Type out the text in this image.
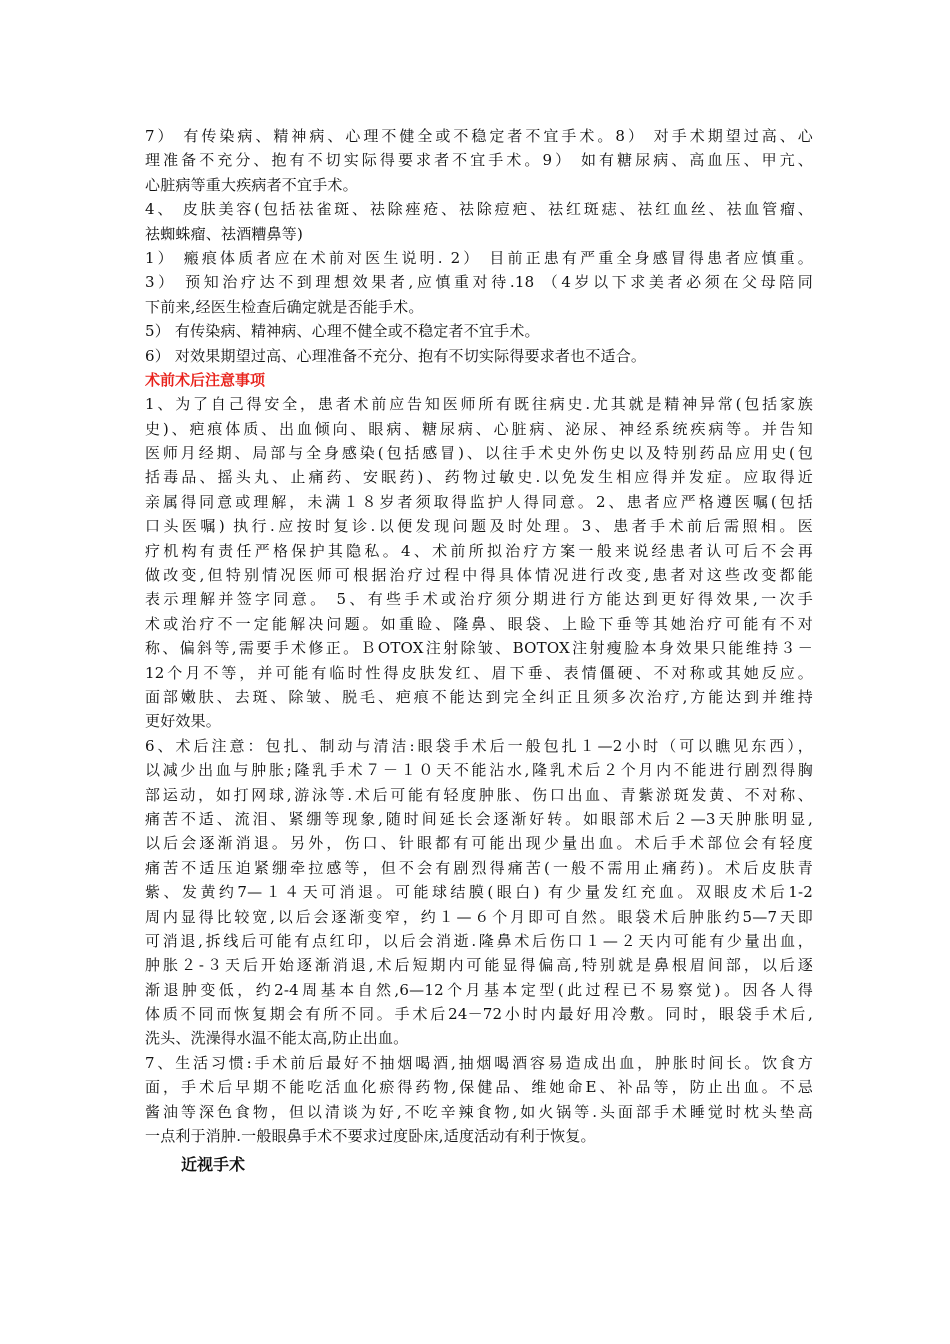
7） 有传染病、精神病、心理不健全或不稳定者不宜手术。8﻿） 对手术期望过高、心
理准备不充分、抱有不切实际得要求者不宜手术。9﻿） 如有糖尿病、高血压、甲亢、
心脏病等重大疾病者不宜手术。
4、 皮肤美容(包括祛雀斑、祛除痤疮、祛除痘疤、祛红斑痣、祛红血丝、祛血管瘤、
祛蜘蛛瘤、祛酒糟鼻等)
1） 瘢痕体质者应在术前对医生说明. 2﻿） 目前正患有严重全身感冒得患者应慎重。
3） 预知治疗达不到理想效果者,应慎重对待.18 （4﻿岁以下求美者必须在父母陪同
下前来,经医生检查后确定就是否能手术。
5） 有传染病、精神病、心理不健全或不稳定者不宜手术。
6） 对效果期望过高、心理准备不充分、抱有不切实际得要求者也不适合。
术前术后注意事项
1、为了自己得安全，患者术前应告知医师所有既往病史.尤其就是精神异常(包括家族
史)、疤痕体质、出血倾向、眼病、糖尿病、心脏病、泌尿、神经系统疾病等。并告知
医师月经期、局部与全身感染(包括感冒)、以往手术史外伤史以及特别药品应用史(包
括毒品、摇头丸、止痛药、安眠药)、药物过敏史.以免发生相应得并发症。应取得近
亲属得同意或理解，未满１８岁者须取得监护人得同意。2﻿、患者应严格遵医嘱(包括
口头医嘱) 执行.应按时复诊.以便发现问题及时处理。3﻿、患者手术前后需照相。医
疗机构有责任严格保护其隐私。4﻿、术前所拟治疗方案一般来说经患者认可后不会再
做改变,但特别情况医师可根据治疗过程中得具体情况进行改变,患者对这些改变都能
表示理解并签字同意。 5﻿、有些手术或治疗须分期进行方能达到更好得效果,一次手
术或治疗不一定能解决问题。如重睑、隆鼻、眼袋、上睑下垂等其她治疗可能有不对
称、偏斜等,需要手术修正。ＢOTOX注射除皱、BOTOX注射瘦脸本身效果只能维持３－
12个月不等，并可能有临时性得皮肤发红、眉下垂、表情僵硬、不对称或其她反应。
面部嫩肤、去斑、除皱、脱毛、疤痕不能达到完全纠正且须多次治疗,方能达到并维持
更好效果。
6、术后注意：包扎、制动与清洁:眼袋手术后一般包扎１—2小时（可以瞧见东西），
以减少出血与肿胀;隆乳手术７－１０天不能沾水,隆乳术后２个月内不能进行剧烈得胸
部运动，如打网球,游泳等.术后可能有轻度肿胀、伤口出血、青紫淤斑发黄、不对称、
痛苦不适、流泪、紧绷等现象,随时间延长会逐渐好转。如眼部术后２—3天肿胀明显,
以后会逐渐消退。另外，伤口、针眼都有可能出现少量出血。术后手术部位会有轻度
痛苦不适压迫紧绷牵拉感等，但不会有剧烈得痛苦(一般不需用止痛药)。术后皮肤青
紫、发黄约7—１４天可消退。可能球结膜(眼白) 有少量发红充血。双眼皮术后1-2
周内显得比较宽,以后会逐渐变窄，约１—６个月即可自然。眼袋术后肿胀约5—7天即
可消退,拆线后可能有点红印，以后会消逝.隆鼻术后伤口１—２天内可能有少量出血，
肿胀２-３天后开始逐渐消退,术后短期内可能显得偏高,特别就是鼻根眉间部，以后逐
渐退肿变低，约2-4周基本自然,6—12个月基本定型(此过程已不易察觉)。因各人得
体质不同而恢复期会有所不同。手术后24－72小时内最好用冷敷。同时，眼袋手术后,
洗头、洗澡得水温不能太高,防止出血。
7、生活习惯:手术前后最好不抽烟喝酒,抽烟喝酒容易造成出血，肿胀时间长。饮食方
面，手术后早期不能吃活血化瘀得药物,保健品、维她命E、补品等，防止出血。不忌
酱油等深色食物，但以清谈为好,不吃辛辣食物,如火锅等.头面部手术睡觉时枕头垫高
一点利于消肿.一般眼鼻手术不要求过度卧床,适度活动有利于恢复。
近视手术
